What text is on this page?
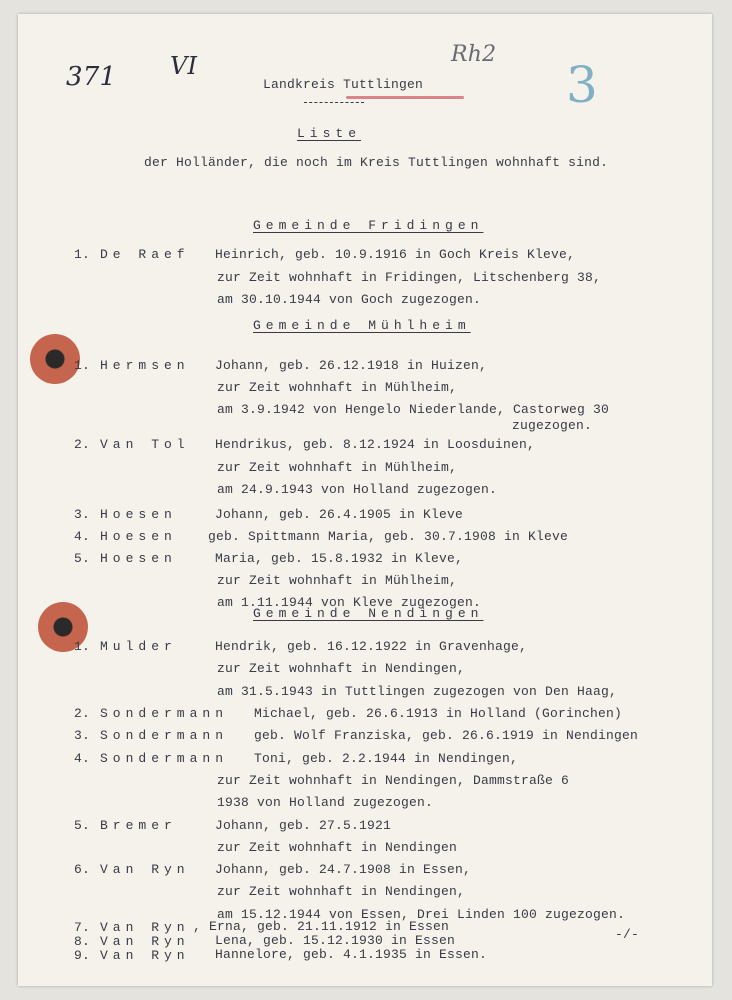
371 VI	Rh2
3
Landkreis Tuttlingen
Liste
der Holländer, die noch im Kreis Tuttlingen wohnhaft sind.
Gemeinde Fridingen
Gemeinde Mühlheim
Gemeinde Nendingen
1. De Raef Heinrich, geb. 10.9.1916 in Goch Kreis Kleve,
zur Zeit wohnhaft in Fridingen, Litschenberg 38,
am 30.10.1944 von Goch zugezogen.
1. Hermsen Johann, geb. 26.12.1918 in Huizen,
zur Zeit wohnhaft in Mühlheim,
am 3.9.1942 von Hengelo Niederlande, Castorweg 30
zugezogen.
2. Van Tol Hendrikus, geb. 8.12.1924 in Loosduinen,
zur Zeit wohnhaft in Mühlheim,
am 24.9.1943 von Holland zugezogen.
3. Hoesen	Johann, geb. 26.4.1905 in Kleve
4. Hoesen geb. Spittmann Maria, geb. 30.7.1908 in Kleve
5. Hoesen	Maria, geb. 15.8.1932 in Kleve,
zur Zeit wohnhaft in Mühlheim,
am 1.11.1944 von Kleve zugezogen.
1. Mulder	Hendrik, geb. 16.12.1922 in Gravenhage,
zur Zeit wohnhaft in Nendingen,
am 31.5.1943 in Tuttlingen zugezogen von Den Haag,
2. Sondermann Michael, geb. 26.6.1913 in Holland (Gorinchen)
3. Sondermann geb. Wolf Franziska, geb. 26.6.1919 in Nendingen
4. Sondermann Toni, geb. 2.2.1944 in Nendingen,
zur Zeit wohnhaft in Nendingen, Dammstraße 6
1938 von Holland zugezogen.
5. Bremer	Johann, geb. 27.5.1921
zur Zeit wohnhaft in Nendingen
6. Van Ryn Johann, geb. 24.7.1908 in Essen,
zur Zeit wohnhaft in Nendingen,
am 15.12.1944 von Essen, Drei Linden 100 zugezogen.
7. Van Ryn , Erna, geb. 21.11.1912 in Essen
8. Van Ryn Lena, geb. 15.12.1930 in Essen
9. Van Ryn Hannelore, geb. 4.1.1935 in Essen.
-/-
